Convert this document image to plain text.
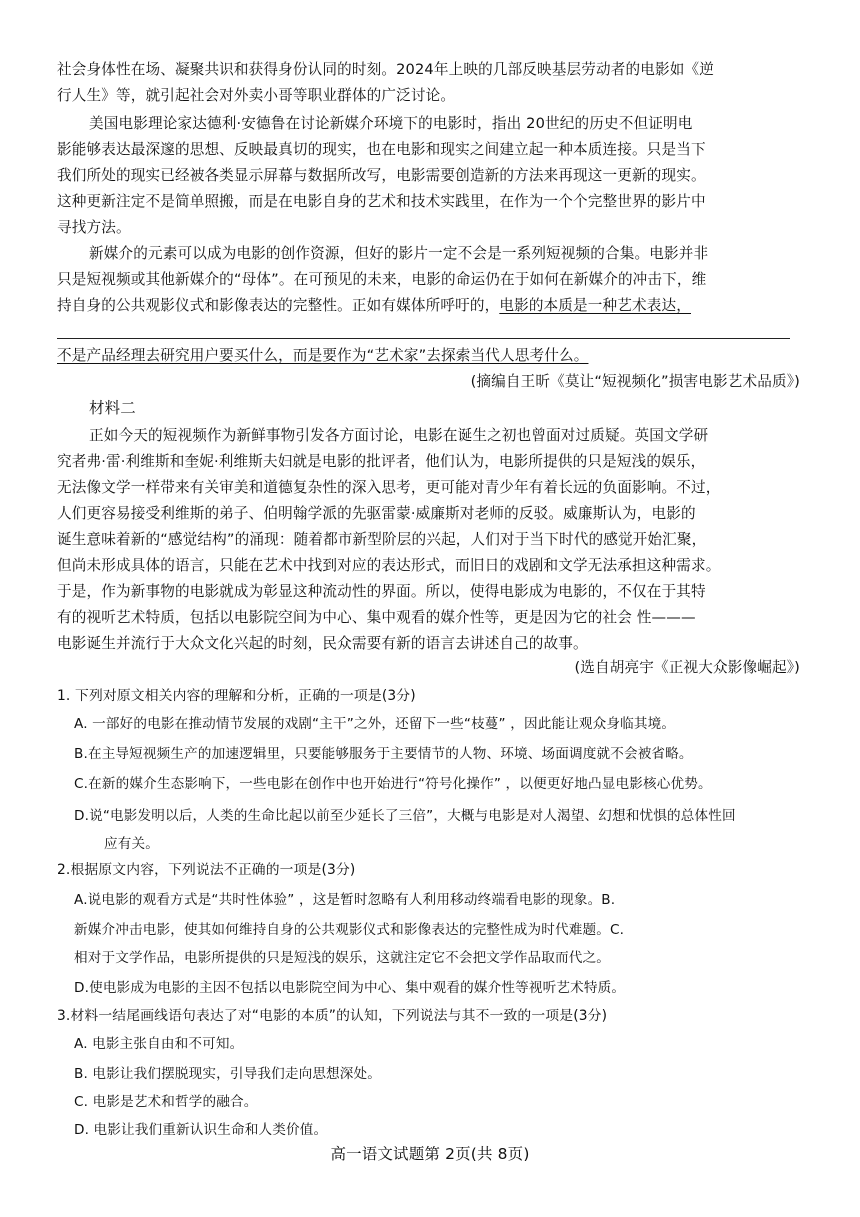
社会身体性在场、凝聚共识和获得身份认同的时刻。2024年上映的几部反映基层劳动者的电影如《逆
行人生》等，就引起社会对外卖小哥等职业群体的广泛讨论。
美国电影理论家达德利·安德鲁在讨论新媒介环境下的电影时，指出 20世纪的历史不但证明电
影能够表达最深邃的思想、反映最真切的现实，也在电影和现实之间建立起一种本质连接。只是当下
我们所处的现实已经被各类显示屏幕与数据所改写，电影需要创造新的方法来再现这一更新的现实。
这种更新注定不是简单照搬，而是在电影自身的艺术和技术实践里，在作为一个个完整世界的影片中
寻找方法。
新媒介的元素可以成为电影的创作资源，但好的影片一定不会是一系列短视频的合集。电影并非
只是短视频或其他新媒介的“母体”。在可预见的未来，电影的命运仍在于如何在新媒介的冲击下，维
持自身的公共观影仪式和影像表达的完整性。正如有媒体所呼吁的，电影的本质是一种艺术表达，
不是产品经理去研究用户要买什么，而是要作为“艺术家”去探索当代人思考什么。
(摘编自王昕《莫让“短视频化”损害电影艺术品质》)
材料二
正如今天的短视频作为新鲜事物引发各方面讨论，电影在诞生之初也曾面对过质疑。英国文学研
究者弗·雷·利维斯和奎妮·利维斯夫妇就是电影的批评者，他们认为，电影所提供的只是短浅的娱乐，
无法像文学一样带来有关审美和道德复杂性的深入思考，更可能对青少年有着长远的负面影响。不过，
人们更容易接受利维斯的弟子、伯明翰学派的先驱雷蒙·威廉斯对老师的反驳。威廉斯认为，电影的
诞生意味着新的“感觉结构”的涌现：随着都市新型阶层的兴起，人们对于当下时代的感觉开始汇聚，
但尚未形成具体的语言，只能在艺术中找到对应的表达形式，而旧日的戏剧和文学无法承担这种需求。
于是，作为新事物的电影就成为彰显这种流动性的界面。所以，使得电影成为电影的，不仅在于其特
有的视听艺术特质，包括以电影院空间为中心、集中观看的媒介性等，更是因为它的社会 性———
电影诞生并流行于大众文化兴起的时刻，民众需要有新的语言去讲述自己的故事。
(选自胡亮宇《正视大众影像崛起》)
1. 下列对原文相关内容的理解和分析，正确的一项是(3分)
A. 一部好的电影在推动情节发展的戏剧“主干”之外，还留下一些“枝蔓” ，因此能让观众身临其境。
B.在主导短视频生产的加速逻辑里，只要能够服务于主要情节的人物、环境、场面调度就不会被省略。
C.在新的媒介生态影响下，一些电影在创作中也开始进行“符号化操作” ，以便更好地凸显电影核心优势。
D.说“电影发明以后，人类的生命比起以前至少延长了三倍”，大概与电影是对人渴望、幻想和忧惧的总体性回
应有关。
2.根据原文内容，下列说法不正确的一项是(3分)
A.说电影的观看方式是“共时性体验” ，这是暂时忽略有人利用移动终端看电影的现象。B.
新媒介冲击电影，使其如何维持自身的公共观影仪式和影像表达的完整性成为时代难题。C.
相对于文学作品，电影所提供的只是短浅的娱乐，这就注定它不会把文学作品取而代之。
D.使电影成为电影的主因不包括以电影院空间为中心、集中观看的媒介性等视听艺术特质。
3.材料一结尾画线语句表达了对“电影的本质”的认知，下列说法与其不一致的一项是(3分)
A. 电影主张自由和不可知。
B. 电影让我们摆脱现实，引导我们走向思想深处。
C. 电影是艺术和哲学的融合。
D. 电影让我们重新认识生命和人类价值。
高一语文试题第 2页(共 8页)
